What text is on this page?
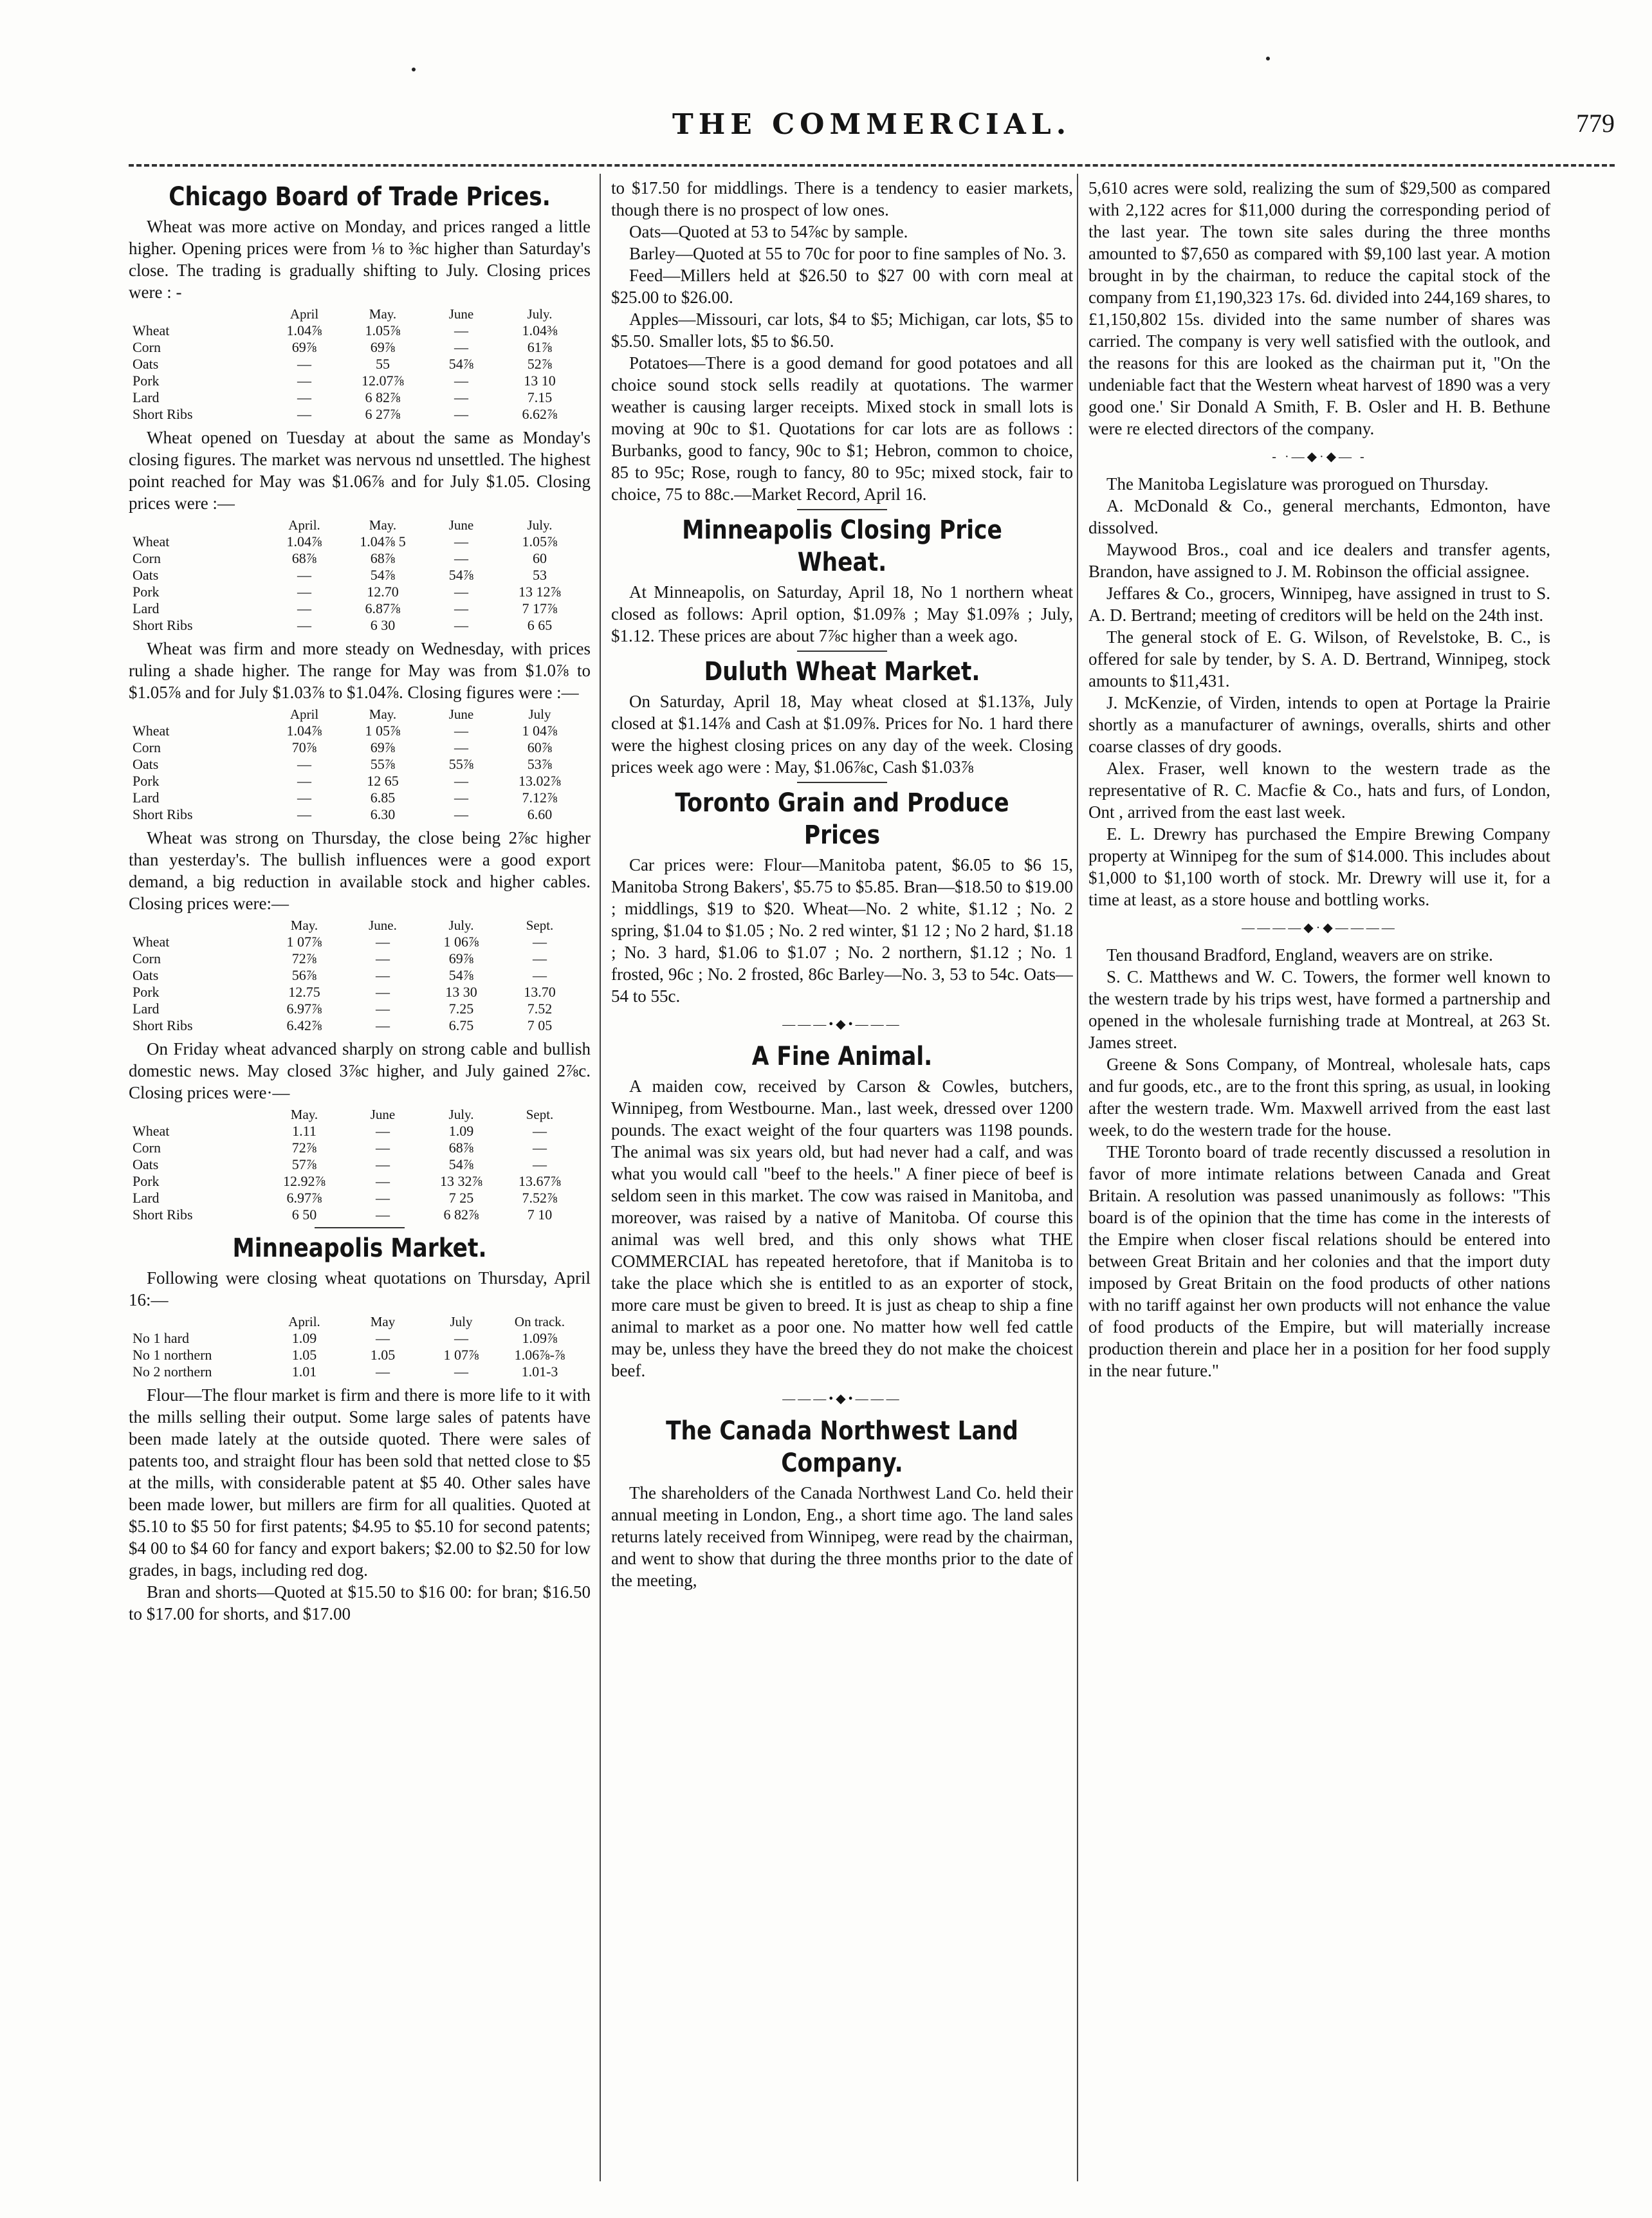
THE COMMERCIAL.	779
Chicago Board of Trade Prices.

Wheat was more active on Monday, and prices ranged a little higher. Opening prices were from ⅛ to ⅜c higher than Saturday's close. The trading is gradually shifting to July. Closing prices were : -

	April	May.	June	July.
Wheat	1.04⅞	1.05⅞	—	1.04⅜
Corn	69⅞	69⅞	—	61⅞
Oats	—	55	54⅞	52⅞
Pork	—	12.07⅞	—	13 10
Lard	—	6 82⅞	—	7.15
Short Ribs	—	6 27⅞	—	6.62⅞

Wheat opened on Tuesday at about the same as Monday's closing figures. The market was nervous nd unsettled. The highest point reached for May was $1.06⅞ and for July $1.05. Closing prices were :—

	April.	May.	June	July.
Wheat	1.04⅞	1.04⅞ 5	—	1.05⅞
Corn	68⅞	68⅞	—	60
Oats	—	54⅞	54⅞	53
Pork	—	12.70	—	13 12⅞
Lard	—	6.87⅞	—	7 17⅞
Short Ribs	—	6 30	—	6 65

Wheat was firm and more steady on Wednesday, with prices ruling a shade higher. The range for May was from $1.0⅞ to $1.05⅞ and for July $1.03⅞ to $1.04⅞. Closing figures were :—

	April	May.	June	July
Wheat	1.04⅞	1 05⅞	—	1 04⅞
Corn	70⅞	69⅞	—	60⅞
Oats	—	55⅞	55⅞	53⅞
Pork	—	12 65	—	13.02⅞
Lard	—	6.85	—	7.12⅞
Short Ribs	—	6.30	—	6.60

Wheat was strong on Thursday, the close being 2⅞c higher than yesterday's. The bullish influences were a good export demand, a big reduction in available stock and higher cables. Closing prices were:—

	May.	June.	July.	Sept.
Wheat	1 07⅞	—	1 06⅞	—
Corn	72⅞	—	69⅞	—
Oats	56⅞	—	54⅞	—
Pork	12.75	—	13 30	13.70
Lard	6.97⅞	—	7.25	7.52
Short Ribs	6.42⅞	—	6.75	7 05

On Friday wheat advanced sharply on strong cable and bullish domestic news. May closed 3⅞c higher, and July gained 2⅞c. Closing prices were·—

	May.	June	July.	Sept.
Wheat	1.11	—	1.09	—
Corn	72⅞	—	68⅞	—
Oats	57⅞	—	54⅞	—
Pork	12.92⅞	—	13 32⅞	13.67⅞
Lard	6.97⅞	—	7 25	7.52⅞
Short Ribs	6 50	—	6 82⅞	7 10
Minneapolis Market.

Following were closing wheat quotations on Thursday, April 16:—

	April.	May	July	On track.
No 1 hard	1.09	—	—	1.09⅞
No 1 northern	1.05	1.05	1 07⅞	1.06⅞-⅞
No 2 northern	1.01	—	—	1.01-3

Flour—The flour market is firm and there is more life to it with the mills selling their output. Some large sales of patents have been made lately at the outside quoted. There were sales of patents too, and straight flour has been sold that netted close to $5 at the mills, with considerable patent at $5 40. Other sales have been made lower, but millers are firm for all qualities. Quoted at $5.10 to $5 50 for first patents; $4.95 to $5.10 for second patents; $4 00 to $4 60 for fancy and export bakers; $2.00 to $2.50 for low grades, in bags, including red dog.

Bran and shorts—Quoted at $15.50 to $16 00: for bran; $16.50 to $17.00 for shorts, and $17.00

to $17.50 for middlings. There is a tendency to easier markets, though there is no prospect of low ones.

Oats—Quoted at 53 to 54⅞c by sample.

Barley—Quoted at 55 to 70c for poor to fine samples of No. 3.

Feed—Millers held at $26.50 to $27 00 with corn meal at $25.00 to $26.00.

Apples—Missouri, car lots, $4 to $5; Michigan, car lots, $5 to $5.50. Smaller lots, $5 to $6.50.

Potatoes—There is a good demand for good potatoes and all choice sound stock sells readily at quotations. The warmer weather is causing larger receipts. Mixed stock in small lots is moving at 90c to $1. Quotations for car lots are as follows : Burbanks, good to fancy, 90c to $1; Hebron, common to choice, 85 to 95c; Rose, rough to fancy, 80 to 95c; mixed stock, fair to choice, 75 to 88c.—Market Record, April 16.

Minneapolis Closing Price Wheat.

At Minneapolis, on Saturday, April 18, No 1 northern wheat closed as follows: April option, $1.09⅞ ; May $1.09⅞ ; July, $1.12. These prices are about 7⅞c higher than a week ago.

Duluth Wheat Market.

On Saturday, April 18, May wheat closed at $1.13⅞, July closed at $1.14⅞ and Cash at $1.09⅞. Prices for No. 1 hard there were the highest closing prices on any day of the week. Closing prices week ago were : May, $1.06⅞c, Cash $1.03⅞

Toronto Grain and Produce Prices

Car prices were: Flour—Manitoba patent, $6.05 to $6 15, Manitoba Strong Bakers', $5.75 to $5.85. Bran—$18.50 to $19.00 ; middlings, $19 to $20. Wheat—No. 2 white, $1.12 ; No. 2 spring, $1.04 to $1.05 ; No. 2 red winter, $1 12 ; No 2 hard, $1.18 ; No. 3 hard, $1.06 to $1.07 ; No. 2 northern, $1.12 ; No. 1 frosted, 96c ; No. 2 frosted, 86c Barley—No. 3, 53 to 54c. Oats—54 to 55c.

———•◆•———
A Fine Animal.

A maiden cow, received by Carson & Cowles, butchers, Winnipeg, from Westbourne. Man., last week, dressed over 1200 pounds. The exact weight of the four quarters was 1198 pounds. The animal was six years old, but had never had a calf, and was what you would call "beef to the heels." A finer piece of beef is seldom seen in this market. The cow was raised in Manitoba, and moreover, was raised by a native of Manitoba. Of course this animal was well bred, and this only shows what THE COMMERCIAL has repeated heretofore, that if Manitoba is to take the place which she is entitled to as an exporter of stock, more care must be given to breed. It is just as cheap to ship a fine animal to market as a poor one. No matter how well fed cattle may be, unless they have the breed they do not make the choicest beef.

———•◆•———
The Canada Northwest Land Company.

The shareholders of the Canada Northwest Land Co. held their annual meeting in London, Eng., a short time ago. The land sales returns lately received from Winnipeg, were read by the chairman, and went to show that during the three months prior to the date of the meeting,

5,610 acres were sold, realizing the sum of $29,500 as compared with 2,122 acres for $11,000 during the corresponding period of the last year. The town site sales during the three months amounted to $7,650 as compared with $9,100 last year. A motion brought in by the chairman, to reduce the capital stock of the company from £1,190,323 17s. 6d. divided into 244,169 shares, to £1,150,802 15s. divided into the same number of shares was carried. The company is very well satisfied with the outlook, and the reasons for this are looked as the chairman put it, "On the undeniable fact that the Western wheat harvest of 1890 was a very good one.' Sir Donald A Smith, F. B. Osler and H. B. Bethune were re elected directors of the company.

- ·—◆·◆— -

The Manitoba Legislature was prorogued on Thursday.

A. McDonald & Co., general merchants, Edmonton, have dissolved.

Maywood Bros., coal and ice dealers and transfer agents, Brandon, have assigned to J. M. Robinson the official assignee.

Jeffares & Co., grocers, Winnipeg, have assigned in trust to S. A. D. Bertrand; meeting of creditors will be held on the 24th inst.

The general stock of E. G. Wilson, of Revelstoke, B. C., is offered for sale by tender, by S. A. D. Bertrand, Winnipeg, stock amounts to $11,431.

J. McKenzie, of Virden, intends to open at Portage la Prairie shortly as a manufacturer of awnings, overalls, shirts and other coarse classes of dry goods.

Alex. Fraser, well known to the western trade as the representative of R. C. Macfie & Co., hats and furs, of London, Ont , arrived from the east last week.

E. L. Drewry has purchased the Empire Brewing Company property at Winnipeg for the sum of $14.000. This includes about $1,000 to $1,100 worth of stock. Mr. Drewry will use it, for a time at least, as a store house and bottling works.

————◆·◆————

Ten thousand Bradford, England, weavers are on strike.

S. C. Matthews and W. C. Towers, the former well known to the western trade by his trips west, have formed a partnership and opened in the wholesale furnishing trade at Montreal, at 263 St. James street.

Greene & Sons Company, of Montreal, wholesale hats, caps and fur goods, etc., are to the front this spring, as usual, in looking after the western trade. Wm. Maxwell arrived from the east last week, to do the western trade for the house.

THE Toronto board of trade recently discussed a resolution in favor of more intimate relations between Canada and Great Britain. A resolution was passed unanimously as follows: "This board is of the opinion that the time has come in the interests of the Empire when closer fiscal relations should be entered into between Great Britain and her colonies and that the import duty imposed by Great Britain on the food products of other nations with no tariff against her own products will not enhance the value of food products of the Empire, but will materially increase production therein and place her in a position for her food supply in the near future."
